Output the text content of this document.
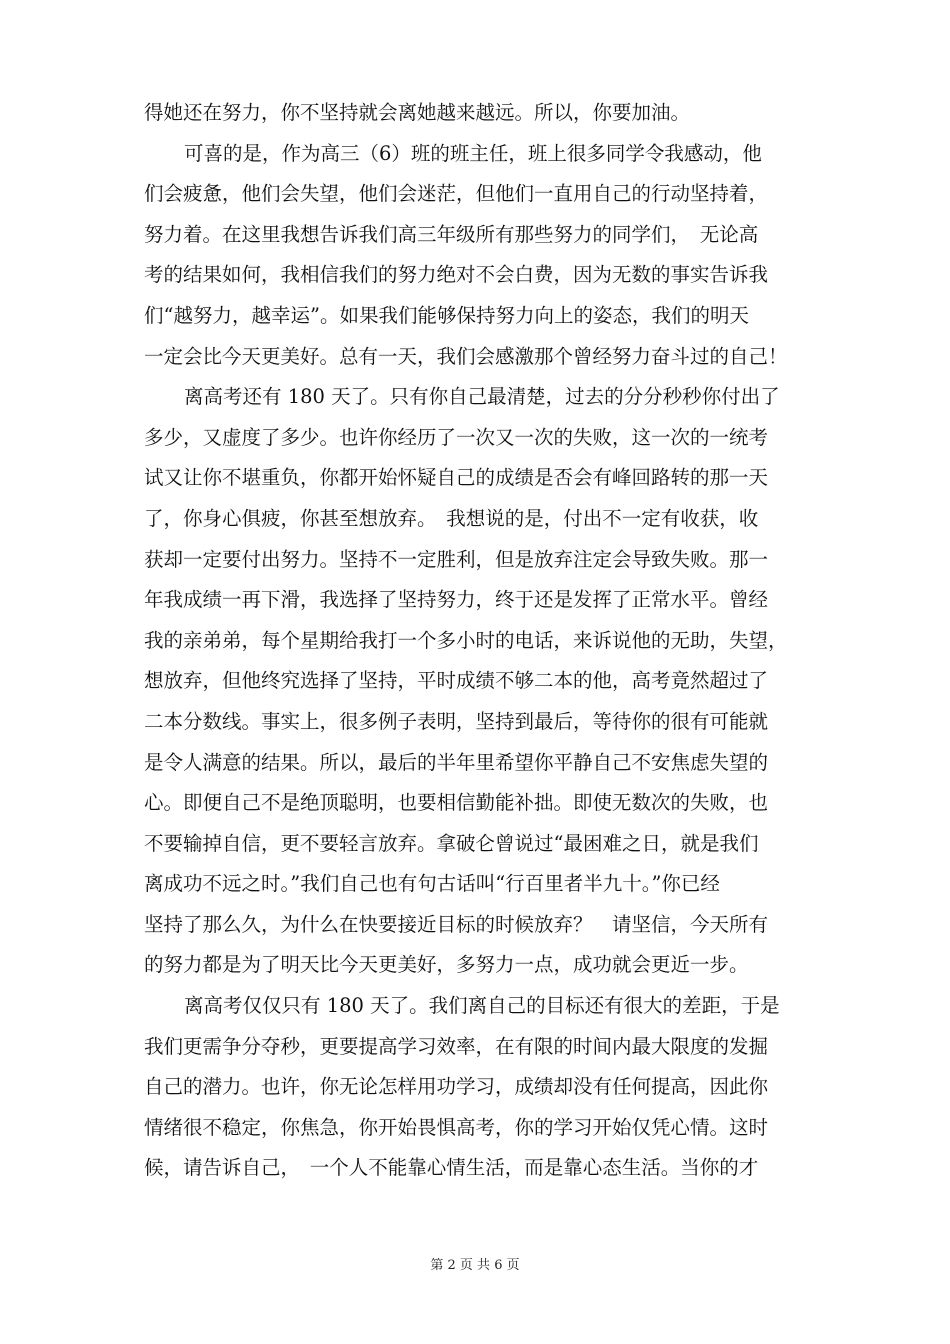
得她还在努力，你不坚持就会离她越来越远。所以，你要加油。
可喜的是，作为高三（6）班的班主任，班上很多同学令我感动，他
们会疲惫，他们会失望，他们会迷茫，但他们一直用自己的行动坚持着，
努力着。在这里我想告诉我们高三年级所有那些努力的同学们，　无论高
考的结果如何，我相信我们的努力绝对不会白费，因为无数的事实告诉我
们“越努力，越幸运”。如果我们能够保持努力向上的姿态，我们的明天
一定会比今天更美好。总有一天，我们会感激那个曾经努力奋斗过的自己！
离高考还有 180 天了。只有你自己最清楚，过去的分分秒秒你付出了
多少，又虚度了多少。也许你经历了一次又一次的失败，这一次的一统考
试又让你不堪重负，你都开始怀疑自己的成绩是否会有峰回路转的那一天
了，你身心俱疲，你甚至想放弃。　我想说的是，付出不一定有收获，收
获却一定要付出努力。坚持不一定胜利，但是放弃注定会导致失败。那一
年我成绩一再下滑，我选择了坚持努力，终于还是发挥了正常水平。曾经
我的亲弟弟，每个星期给我打一个多小时的电话，来诉说他的无助，失望，
想放弃，但他终究选择了坚持，平时成绩不够二本的他，高考竟然超过了
二本分数线。事实上，很多例子表明，坚持到最后，等待你的很有可能就
是令人满意的结果。所以，最后的半年里希望你平静自己不安焦虑失望的
心。即便自己不是绝顶聪明，也要相信勤能补拙。即使无数次的失败，也
不要输掉自信，更不要轻言放弃。拿破仑曾说过“最困难之日，就是我们
离成功不远之时。”我们自己也有句古话叫“行百里者半九十。”你已经
坚持了那么久，为什么在快要接近目标的时候放弃？　请坚信，今天所有
的努力都是为了明天比今天更美好，多努力一点，成功就会更近一步。
离高考仅仅只有 180 天了。我们离自己的目标还有很大的差距，于是
我们更需争分夺秒，更要提高学习效率，在有限的时间内最大限度的发掘
自己的潜力。也许，你无论怎样用功学习，成绩却没有任何提高，因此你
情绪很不稳定，你焦急，你开始畏惧高考，你的学习开始仅凭心情。这时
候，请告诉自己，　一个人不能靠心情生活，而是靠心态生活。当你的才
第 2 页 共 6 页
